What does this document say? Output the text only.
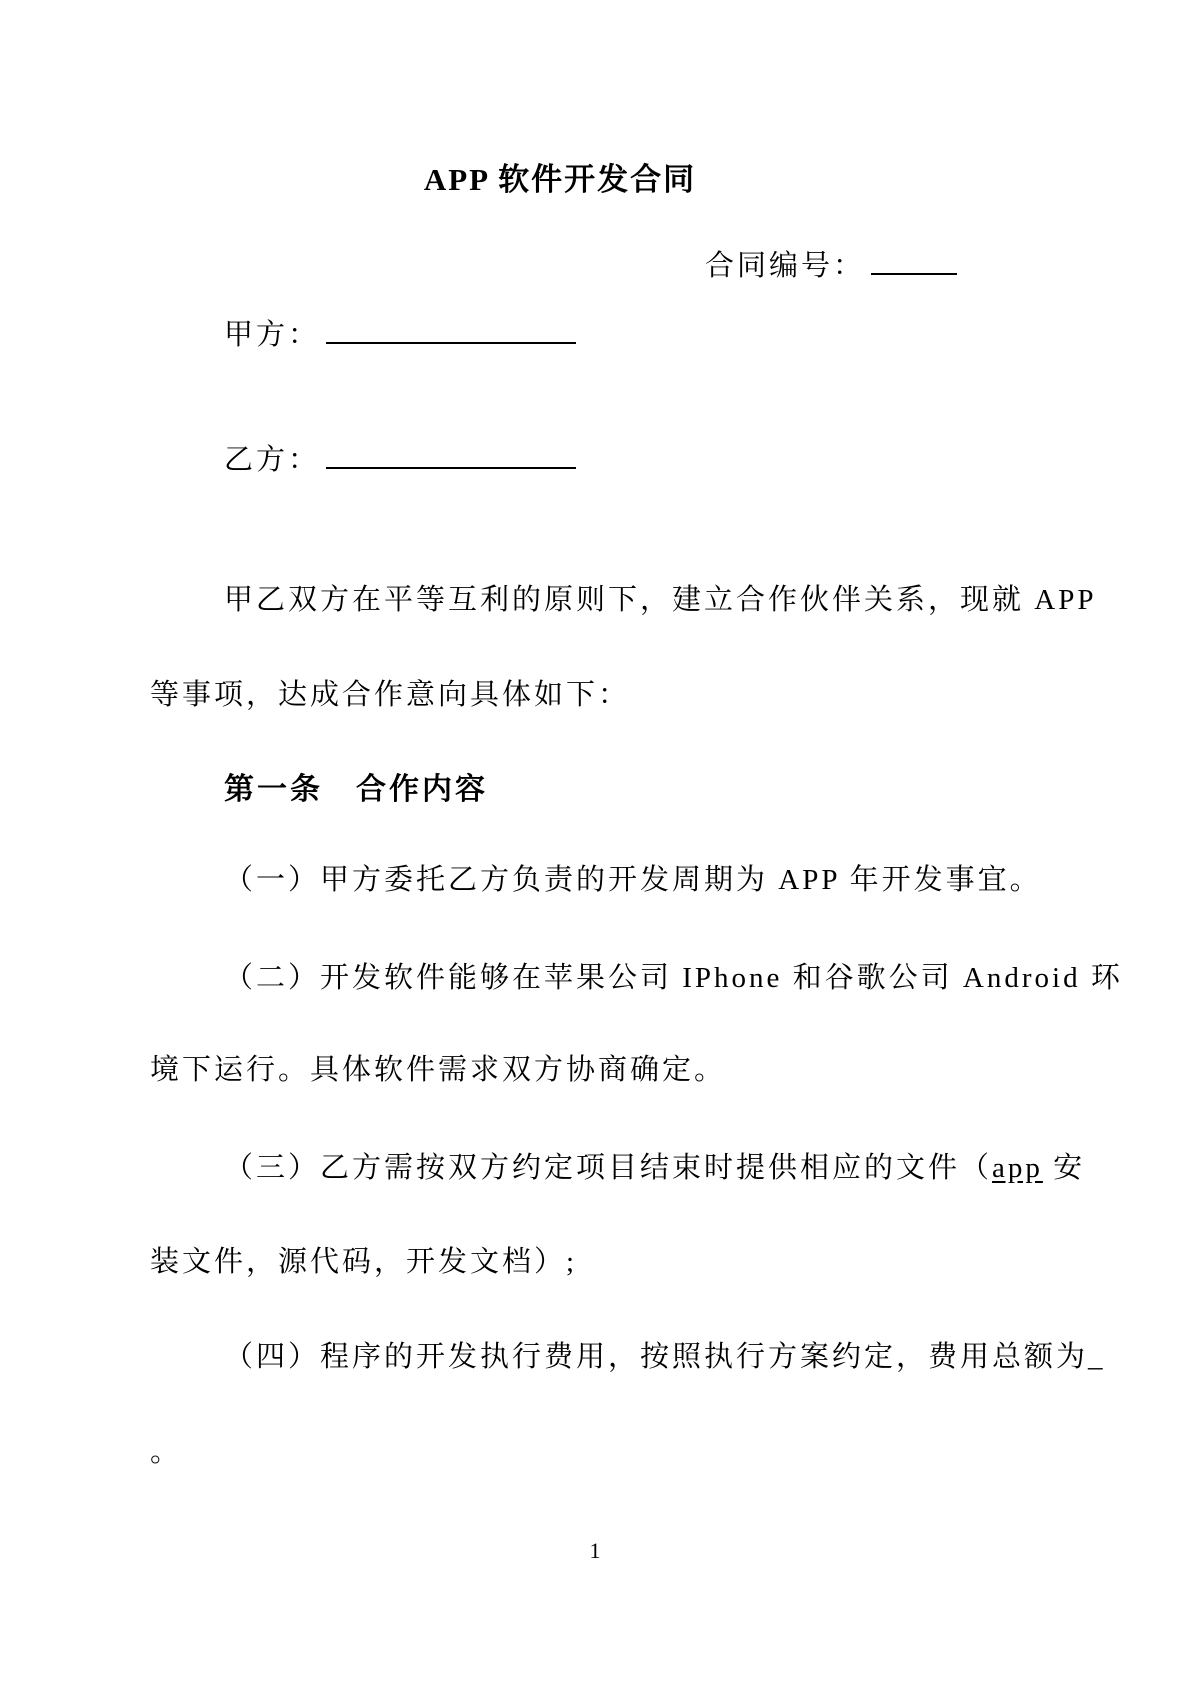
APP 软件开发合同
合同编号：
甲方：
乙方：
甲乙双方在平等互利的原则下，建立合作伙伴关系，现就 APP
等事项，达成合作意向具体如下：
第一条　合作内容
（一）甲方委托乙方负责的开发周期为 APP 年开发事宜。
（二）开发软件能够在苹果公司 IPhone 和谷歌公司 Android 环
境下运行。具体软件需求双方协商确定。
（三）乙方需按双方约定项目结束时提供相应的文件（app 安
装文件，源代码，开发文档）;
（四）程序的开发执行费用，按照执行方案约定，费用总额为_
。
1
